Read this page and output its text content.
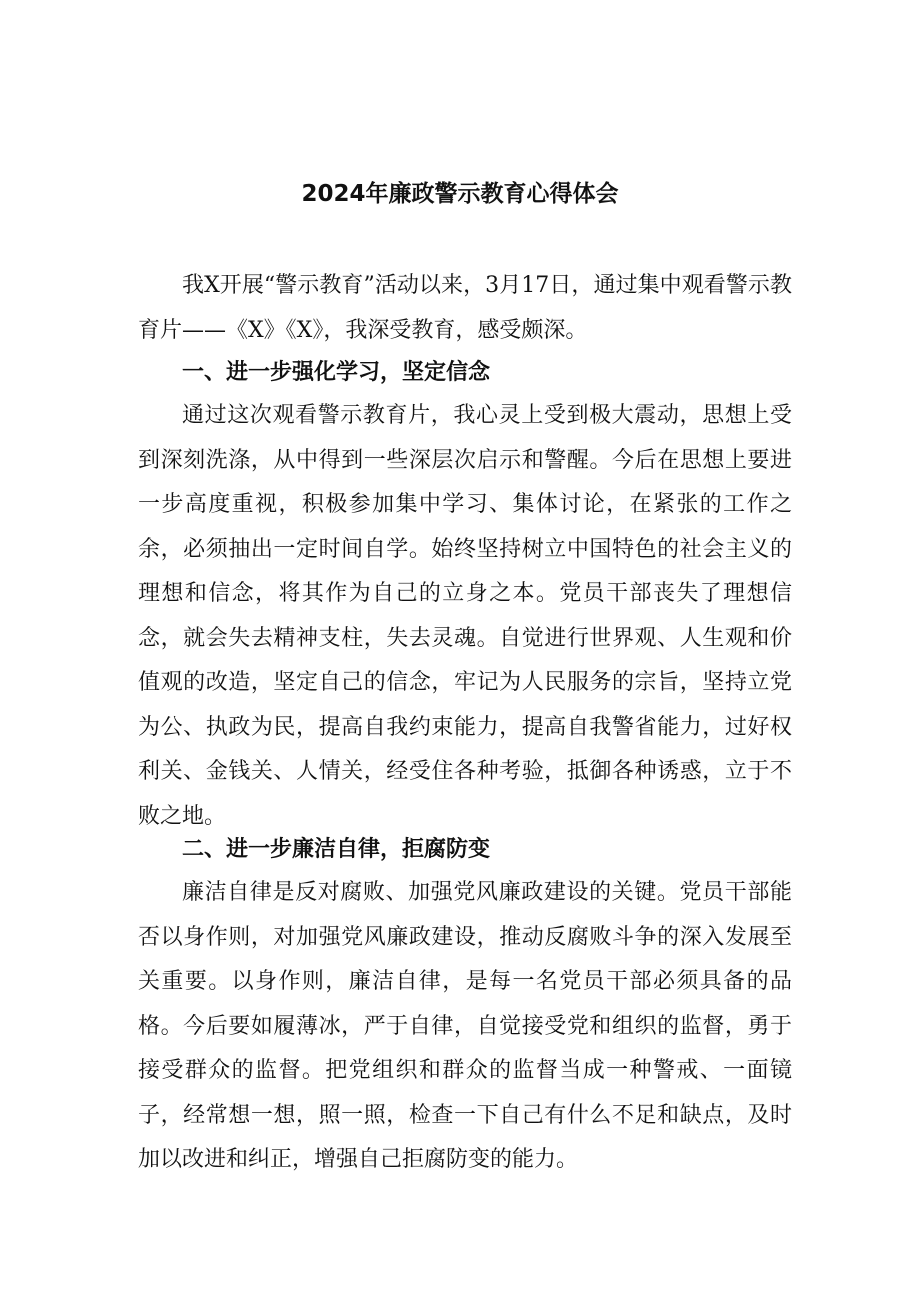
2024年廉政警示教育心得体会

我X开展“警示教育”活动以来，3月17日，通过集中观看警示教育片——《X》《X》，我深受教育，感受颇深。

一、进一步强化学习，坚定信念

通过这次观看警示教育片，我心灵上受到极大震动，思想上受到深刻洗涤，从中得到一些深层次启示和警醒。今后在思想上要进一步高度重视，积极参加集中学习、集体讨论，在紧张的工作之余，必须抽出一定时间自学。始终坚持树立中国特色的社会主义的理想和信念，将其作为自己的立身之本。党员干部丧失了理想信念，就会失去精神支柱，失去灵魂。自觉进行世界观、人生观和价值观的改造，坚定自己的信念，牢记为人民服务的宗旨，坚持立党为公、执政为民，提高自我约束能力，提高自我警省能力，过好权利关、金钱关、人情关，经受住各种考验，抵御各种诱惑，立于不败之地。

二、进一步廉洁自律，拒腐防变

廉洁自律是反对腐败、加强党风廉政建设的关键。党员干部能否以身作则，对加强党风廉政建设，推动反腐败斗争的深入发展至关重要。以身作则，廉洁自律，是每一名党员干部必须具备的品格。今后要如履薄冰，严于自律，自觉接受党和组织的监督，勇于接受群众的监督。把党组织和群众的监督当成一种警戒、一面镜子，经常想一想，照一照，检查一下自己有什么不足和缺点，及时加以改进和纠正，增强自己拒腐防变的能力。
